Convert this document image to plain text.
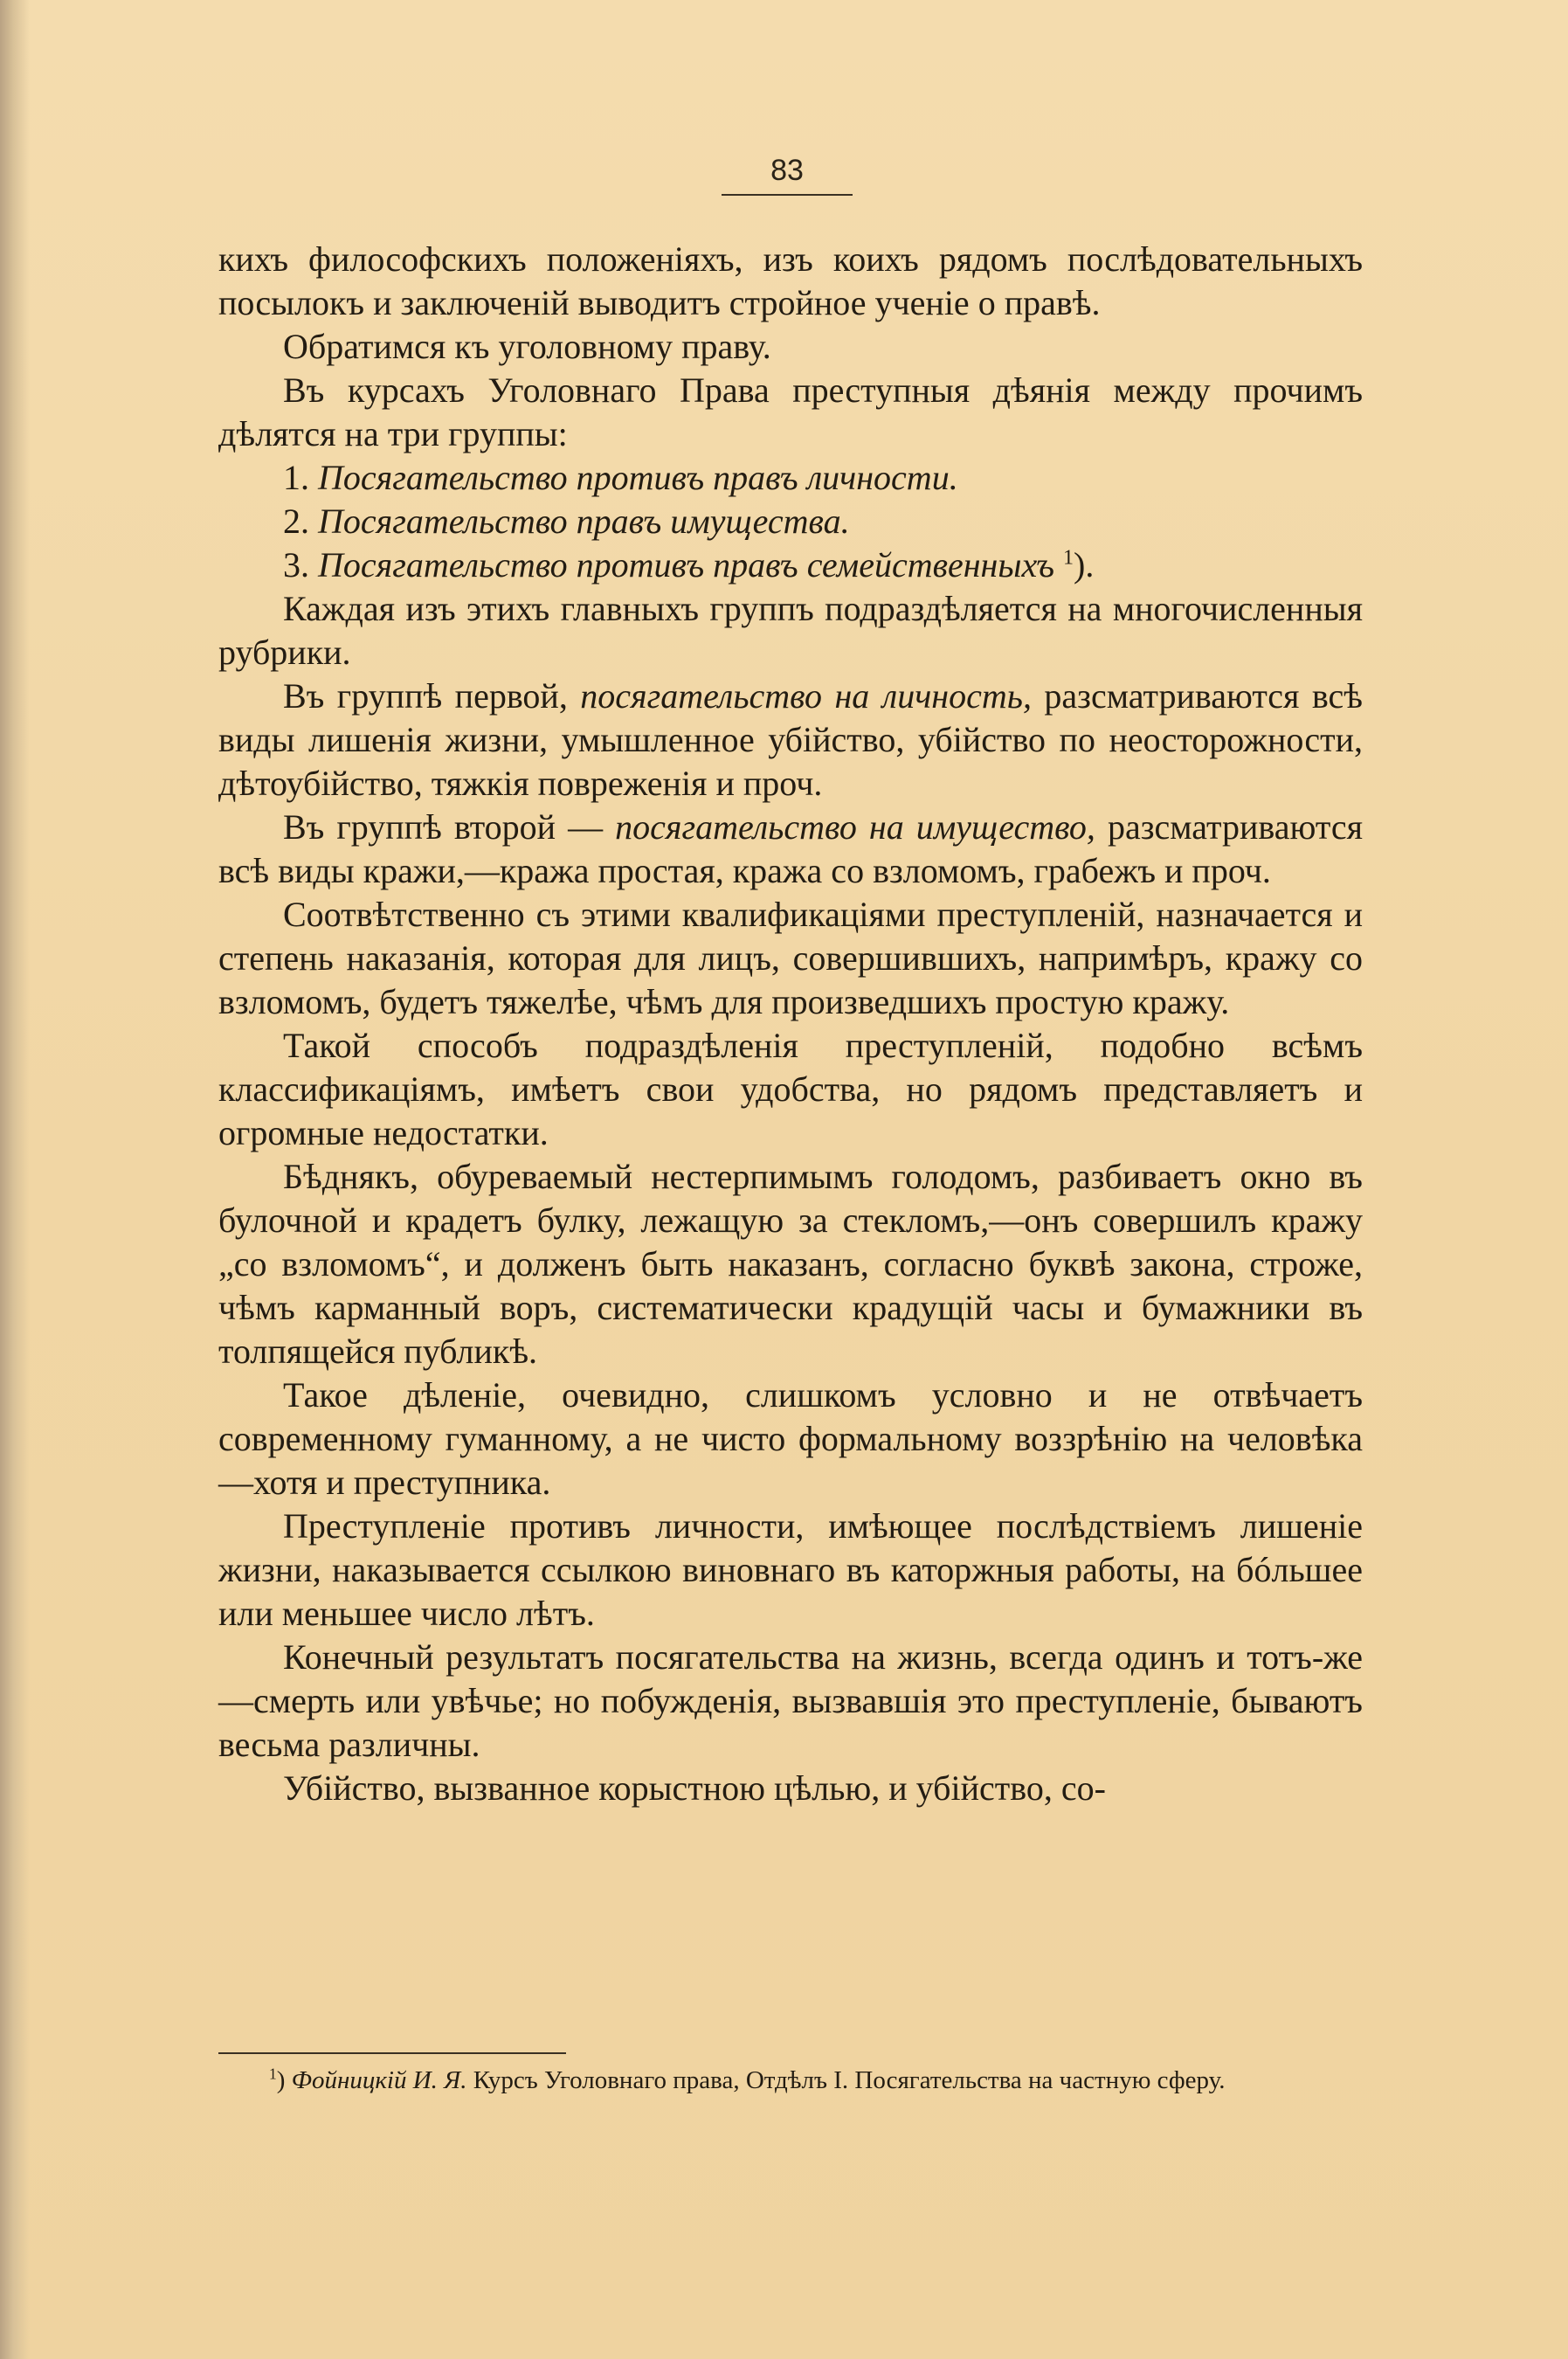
83

кихъ философскихъ положеніяхъ, изъ коихъ рядомъ послѣдовательныхъ посылокъ и заключеній выводитъ стройное ученіе о правѣ.

Обратимся къ уголовному праву.

Въ курсахъ Уголовнаго Права преступныя дѣянія между прочимъ дѣлятся на три группы:

1. Посягательство противъ правъ личности.

2. Посягательство правъ имущества.

3. Посягательство противъ правъ семейственныхъ $^1$).

Каждая изъ этихъ главныхъ группъ подраздѣляется на многочисленныя рубрики.

Въ группѣ первой, посягательство на личность, разсматриваются всѣ виды лишенія жизни, умышленное убійство, убійство по неосторожности, дѣтоубійство, тяжкія повреженія и проч.

Въ группѣ второй — посягательство на имущество, разсматриваются всѣ виды кражи,—кража простая, кража со взломомъ, грабежъ и проч.

Соотвѣтственно съ этими квалификаціями преступленій, назначается и степень наказанія, которая для лицъ, совершившихъ, напримѣръ, кражу со взломомъ, будетъ тяжелѣе, чѣмъ для произведшихъ простую кражу.

Такой способъ подраздѣленія преступленій, подобно всѣмъ классификаціямъ, имѣетъ свои удобства, но рядомъ представляетъ и огромные недостатки.

Бѣднякъ, обуреваемый нестерпимымъ голодомъ, разбиваетъ окно въ булочной и крадетъ булку, лежащую за стекломъ,—онъ совершилъ кражу „со взломомъ“, и долженъ быть наказанъ, согласно буквѣ закона, строже, чѣмъ карманный воръ, систематически крадущій часы и бумажники въ толпящейся публикѣ.

Такое дѣленіе, очевидно, слишкомъ условно и не отвѣчаетъ современному гуманному, а не чисто формальному воззрѣнію на человѣка—хотя и преступника.

Преступленіе противъ личности, имѣющее послѣдствіемъ лишеніе жизни, наказывается ссылкою виновнаго въ каторжныя работы, на бóльшее или меньшее число лѣтъ.

Конечный результатъ посягательства на жизнь, всегда одинъ и тотъ-же—смерть или увѣчье; но побужденія, вызвавшія это преступленіе, бываютъ весьма различны.

Убійство, вызванное корыстною цѣлью, и убійство, со-

$^1$) Фойницкій И. Я. Курсъ Уголовнаго права, Отдѣлъ I. Посягательства на частную сферу.
